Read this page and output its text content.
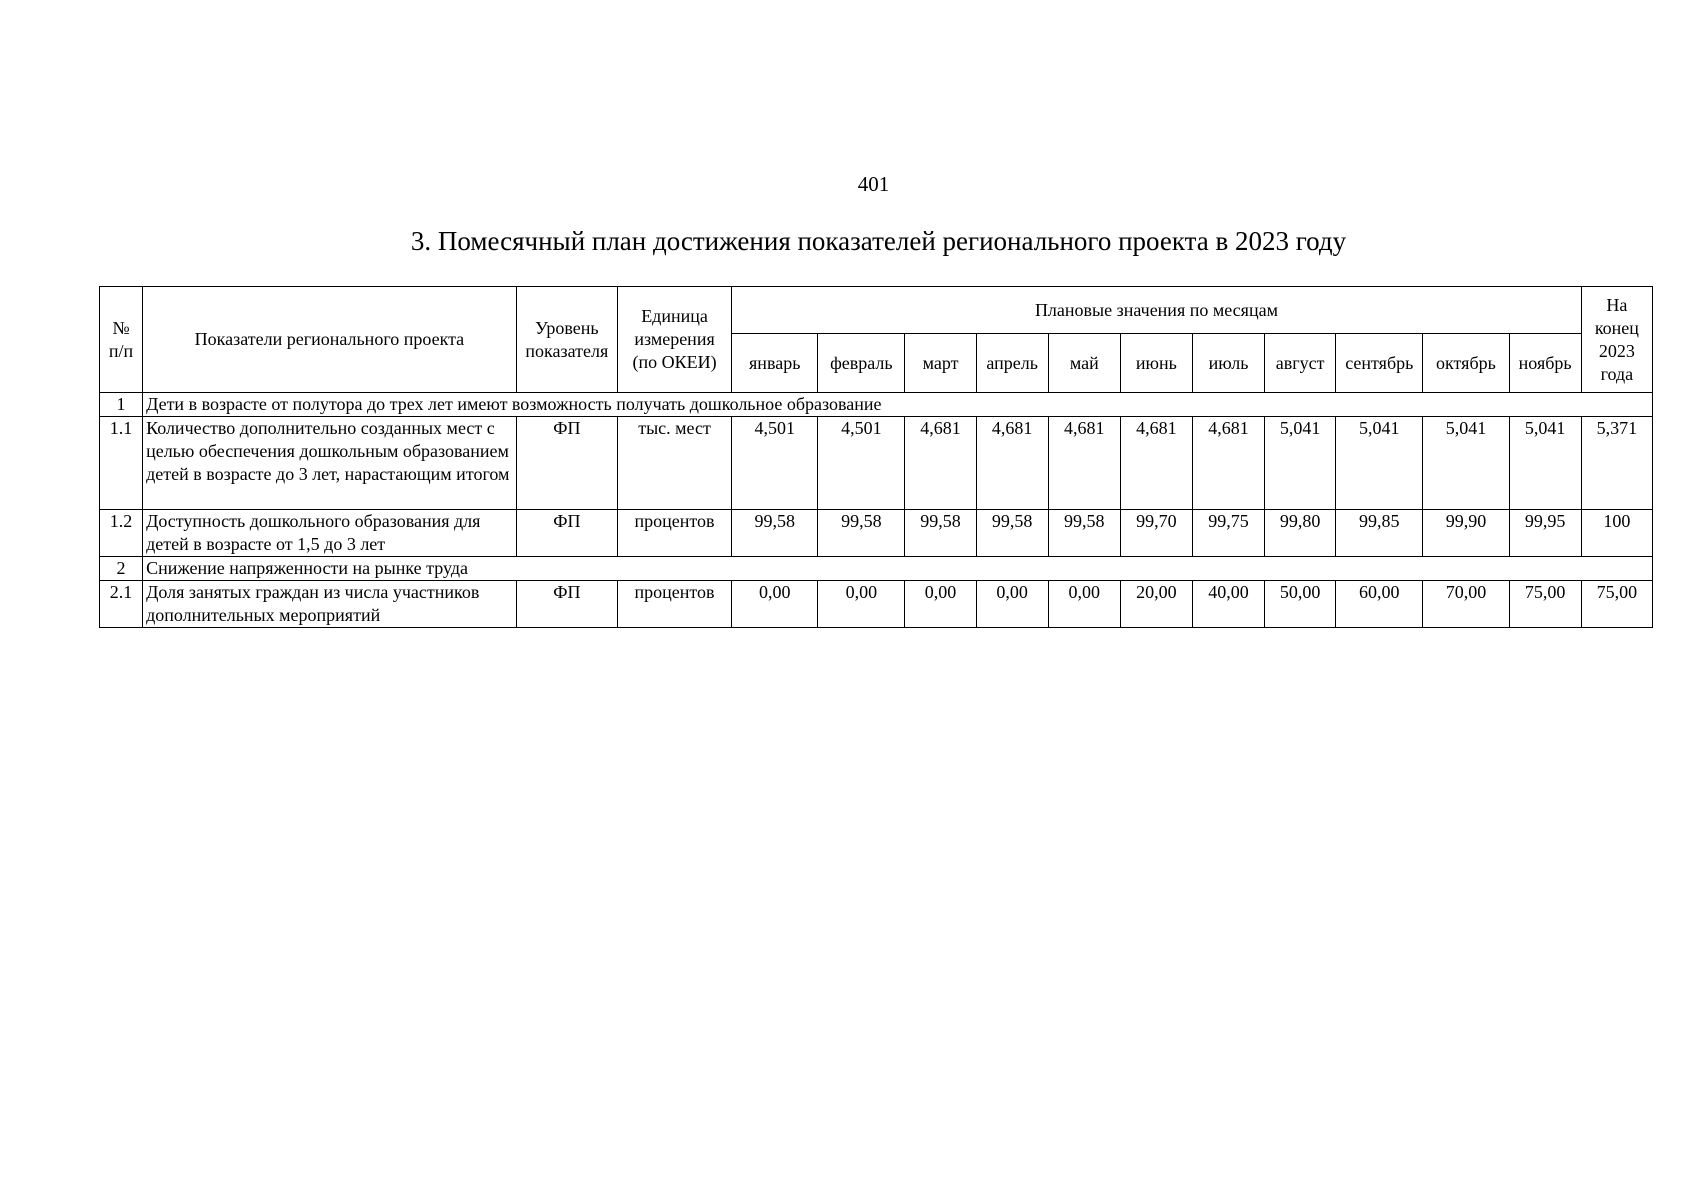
401
3. Помесячный план достижения показателей регионального проекта в 2023 году
№ п/п	Показатели регионального проекта	Уровень показателя	Единица измерения (по ОКЕИ)	Плановые значения по месяцам											На конец 2023 года
				январь	февраль	март	апрель	май	июнь	июль	август	сентябрь	октябрь	ноябрь	
1	Дети в возрасте от полутора до трех лет имеют возможность получать дошкольное образование														
1.1	Количество дополнительно созданных мест с целью обеспечения дошкольным образованием детей в возрасте до 3 лет, нарастающим итогом	ФП	тыс. мест	4,501	4,501	4,681	4,681	4,681	4,681	4,681	5,041	5,041	5,041	5,041	5,371
1.2	Доступность дошкольного образования для детей в возрасте от 1,5 до 3 лет	ФП	процентов	99,58	99,58	99,58	99,58	99,58	99,70	99,75	99,80	99,85	99,90	99,95	100
2	Снижение напряженности на рынке труда														
2.1	Доля занятых граждан из числа участников дополнительных мероприятий	ФП	процентов	0,00	0,00	0,00	0,00	0,00	20,00	40,00	50,00	60,00	70,00	75,00	75,00
